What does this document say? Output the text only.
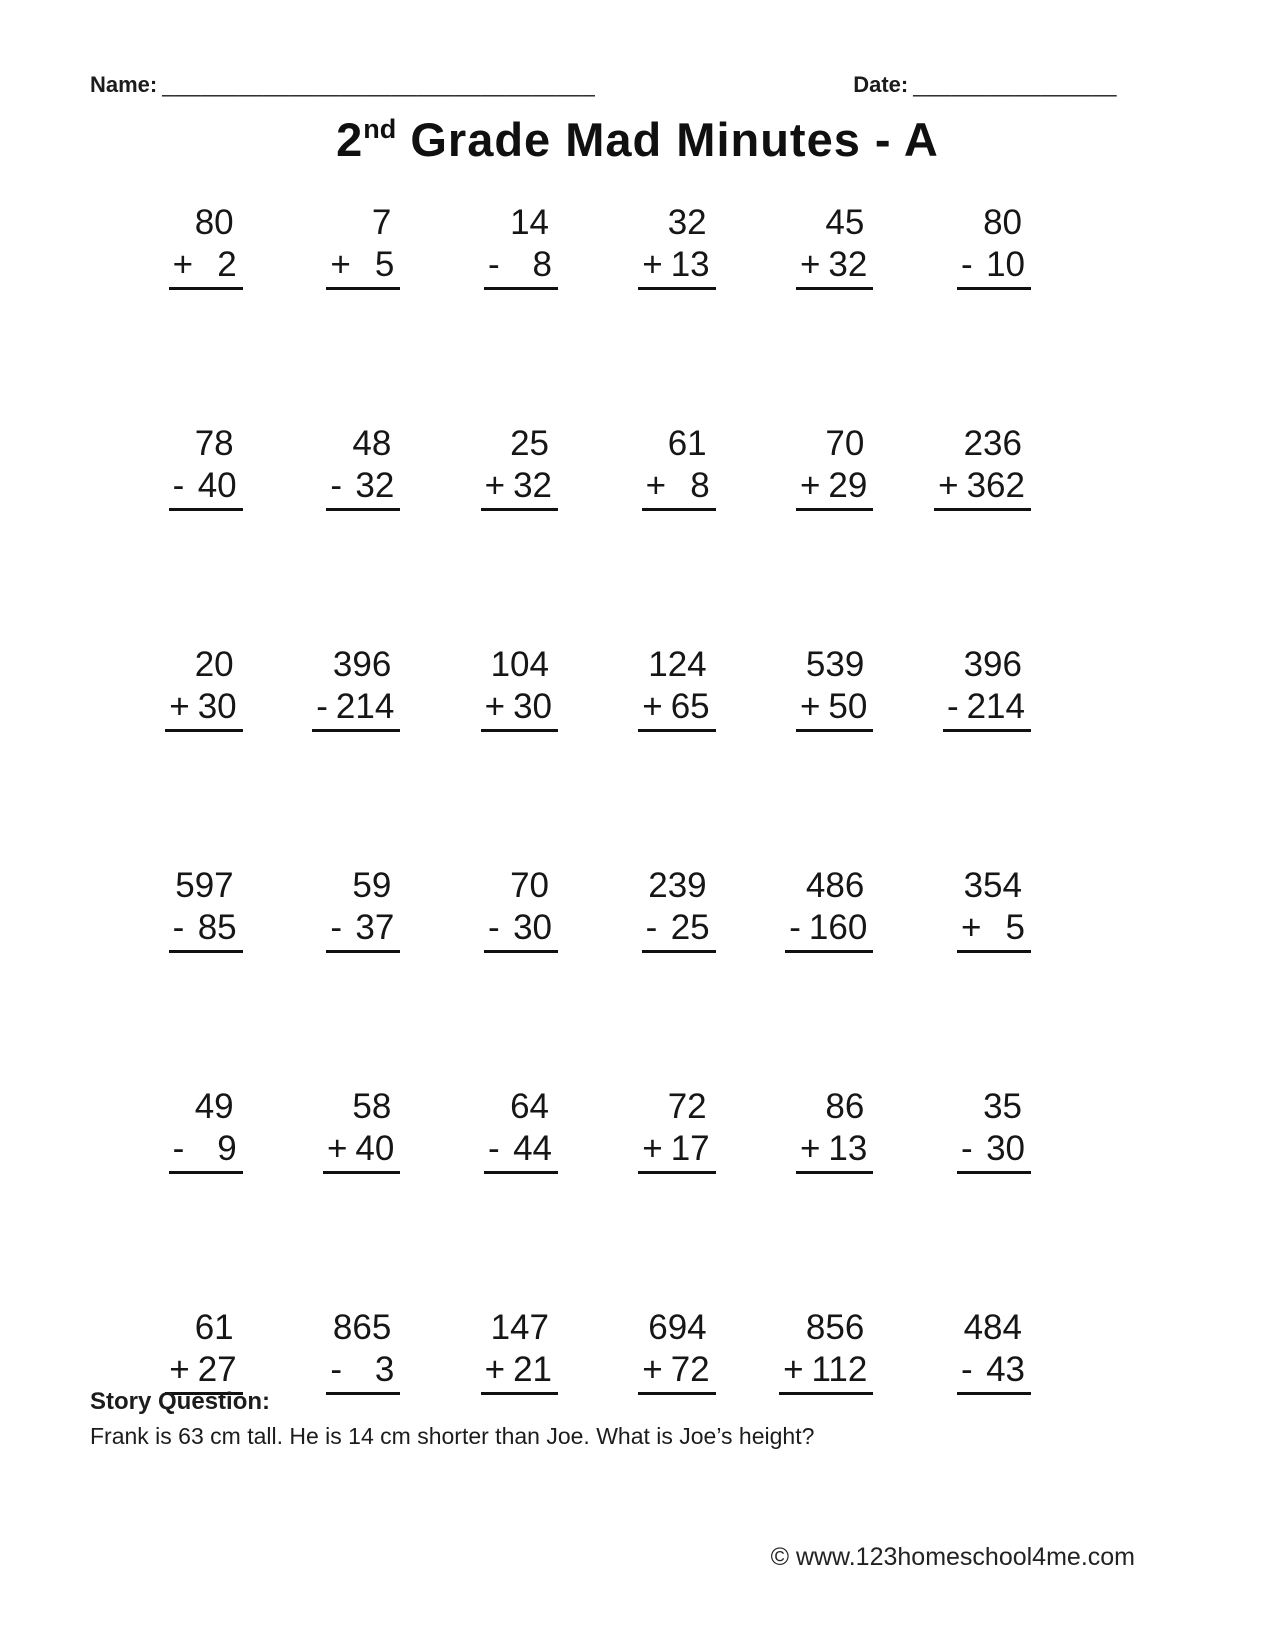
Name: __________________________________	Date: ________________
2nd Grade Mad Minutes - A
80
+ 2
7
+ 5
14
- 8
32
+ 13
45
+ 32
80
- 10
78
- 40
48
- 32
25
+ 32
61
+ 8
70
+ 29
236
+ 362
20
+ 30
396
- 214
104
+ 30
124
+ 65
539
+ 50
396
- 214
597
- 85
59
- 37
70
- 30
239
- 25
486
- 160
354
+ 5
49
- 9
58
+ 40
64
- 44
72
+ 17
86
+ 13
35
- 30
61
+ 27
865
- 3
147
+ 21
694
+ 72
856
+ 112
484
- 43
Story Question:
Frank is 63 cm tall. He is 14 cm shorter than Joe. What is Joe’s height?
© www.123homeschool4me.com
